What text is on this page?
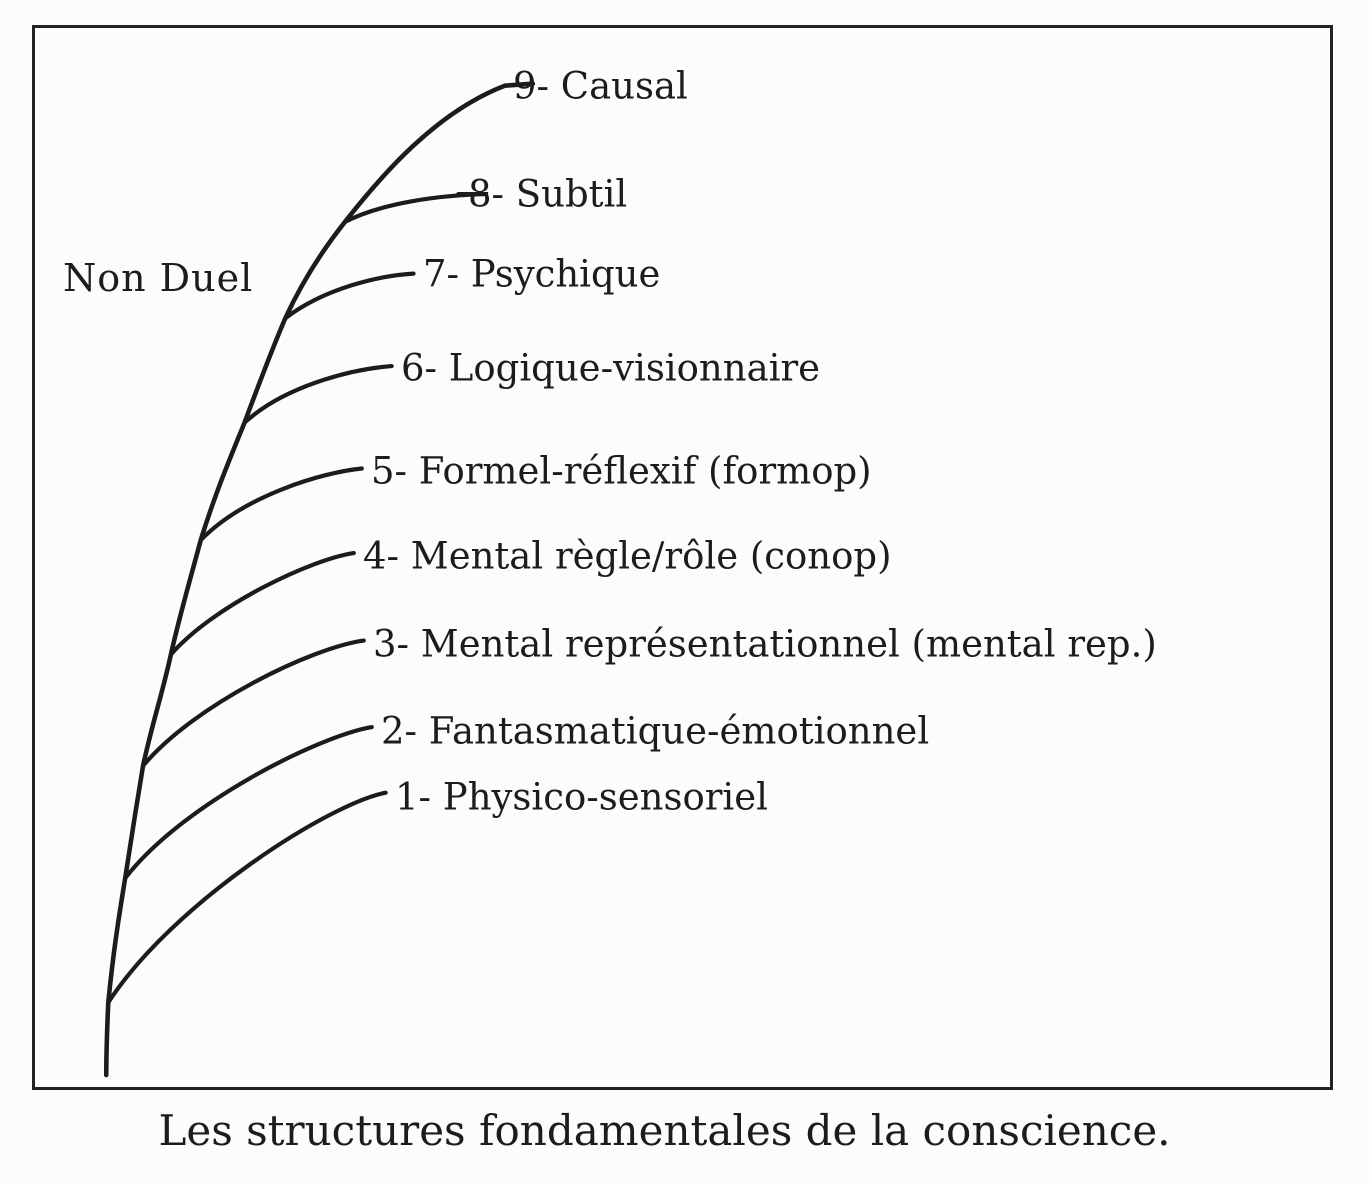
9- Causal
8- Subtil
7- Psychique
6- Logique-visionnaire
5- Formel-réflexif (formop)
4- Mental règle/rôle (conop)
3- Mental représentationnel (mental rep.)
2- Fantasmatique-émotionnel
1- Physico-sensoriel
Non Duel
Les structures fondamentales de la conscience.
